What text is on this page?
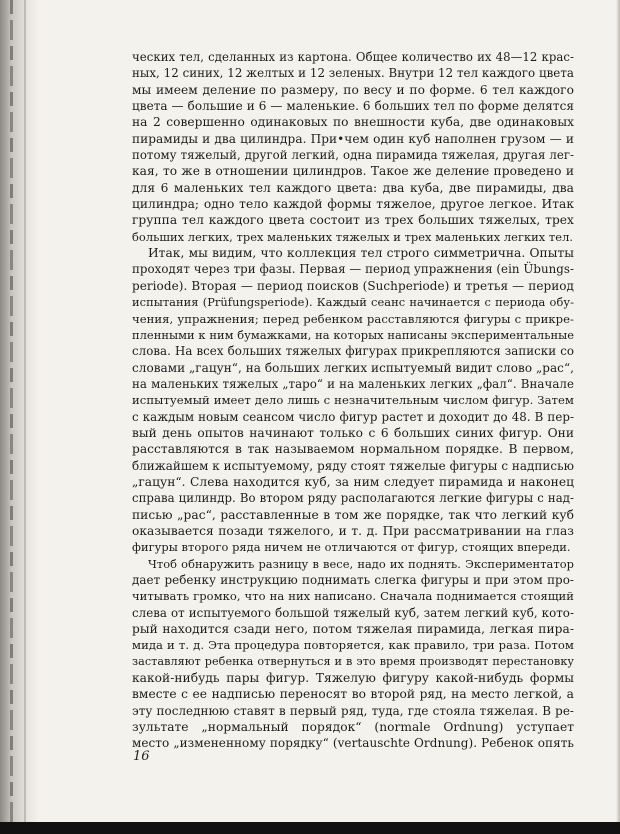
ческих тел, сделанных из картона. Общее количество их 48—12 крас-
ных, 12 синих, 12 желтых и 12 зеленых. Внутри 12 тел каждого цвета
мы имеем деление по размеру, по весу и по форме. 6 тел каждого
цвета — большие и 6 — маленькие. 6 больших тел по форме делятся
на 2 совершенно одинаковых по внешности куба, две одинаковых
пирамиды и два цилиндра. При•чем один куб наполнен грузом — и
потому тяжелый, другой легкий, одна пирамида тяжелая, другая лег-
кая, то же в отношении цилиндров. Такое же деление проведено и
для 6 маленьких тел каждого цвета: два куба, две пирамиды, два
цилиндра; одно тело каждой формы тяжелое, другое легкое. Итак
группа тел каждого цвета состоит из трех больших тяжелых, трех
больших легких, трех маленьких тяжелых и трех маленьких легких тел.
Итак, мы видим, что коллекция тел строго симметрична. Опыты
проходят через три фазы. Первая — период упражнения (ein Übungs-
periode). Вторая — период поисков (Suchperiode) и третья — период
испытания (Prüfungsperiode). Каждый сеанс начинается с периода обу-
чения, упражнения; перед ребенком расставляются фигуры с прикре-
пленными к ним бумажками, на которых написаны экспериментальные
слова. На всех больших тяжелых фигурах прикрепляются записки со
словами „гацун“, на больших легких испытуемый видит слово „рас“,
на маленьких тяжелых „таро“ и на маленьких легких „фал“. Вначале
испытуемый имеет дело лишь с незначительным числом фигур. Затем
с каждым новым сеансом число фигур растет и доходит до 48. В пер-
вый день опытов начинают только с 6 больших синих фигур. Они
расставляются в так называемом нормальном порядке. В первом,
ближайшем к испытуемому, ряду стоят тяжелые фигуры с надписью
„гацун“. Слева находится куб, за ним следует пирамида и наконец
справа цилиндр. Во втором ряду располагаются легкие фигуры с над-
писью „рас“, расставленные в том же порядке, так что легкий куб
оказывается позади тяжелого, и т. д. При рассматривании на глаз
фигуры второго ряда ничем не отличаются от фигур, стоящих впереди.
Чтоб обнаружить разницу в весе, надо их поднять. Экспериментатор
дает ребенку инструкцию поднимать слегка фигуры и при этом про-
читывать громко, что на них написано. Сначала поднимается стоящий
слева от испытуемого большой тяжелый куб, затем легкий куб, кото-
рый находится сзади него, потом тяжелая пирамида, легкая пира-
мида и т. д. Эта процедура повторяется, как правило, три раза. Потом
заставляют ребенка отвернуться и в это время производят перестановку
какой-нибудь пары фигур. Тяжелую фигуру какой-нибудь формы
вместе с ее надписью переносят во второй ряд, на место легкой, а
эту последнюю ставят в первый ряд, туда, где стояла тяжелая. В ре-
зультате „нормальный порядок“ (normale Ordnung) уступает
место „измененному порядку“ (vertauschte Ordnung). Ребенок опять
16
